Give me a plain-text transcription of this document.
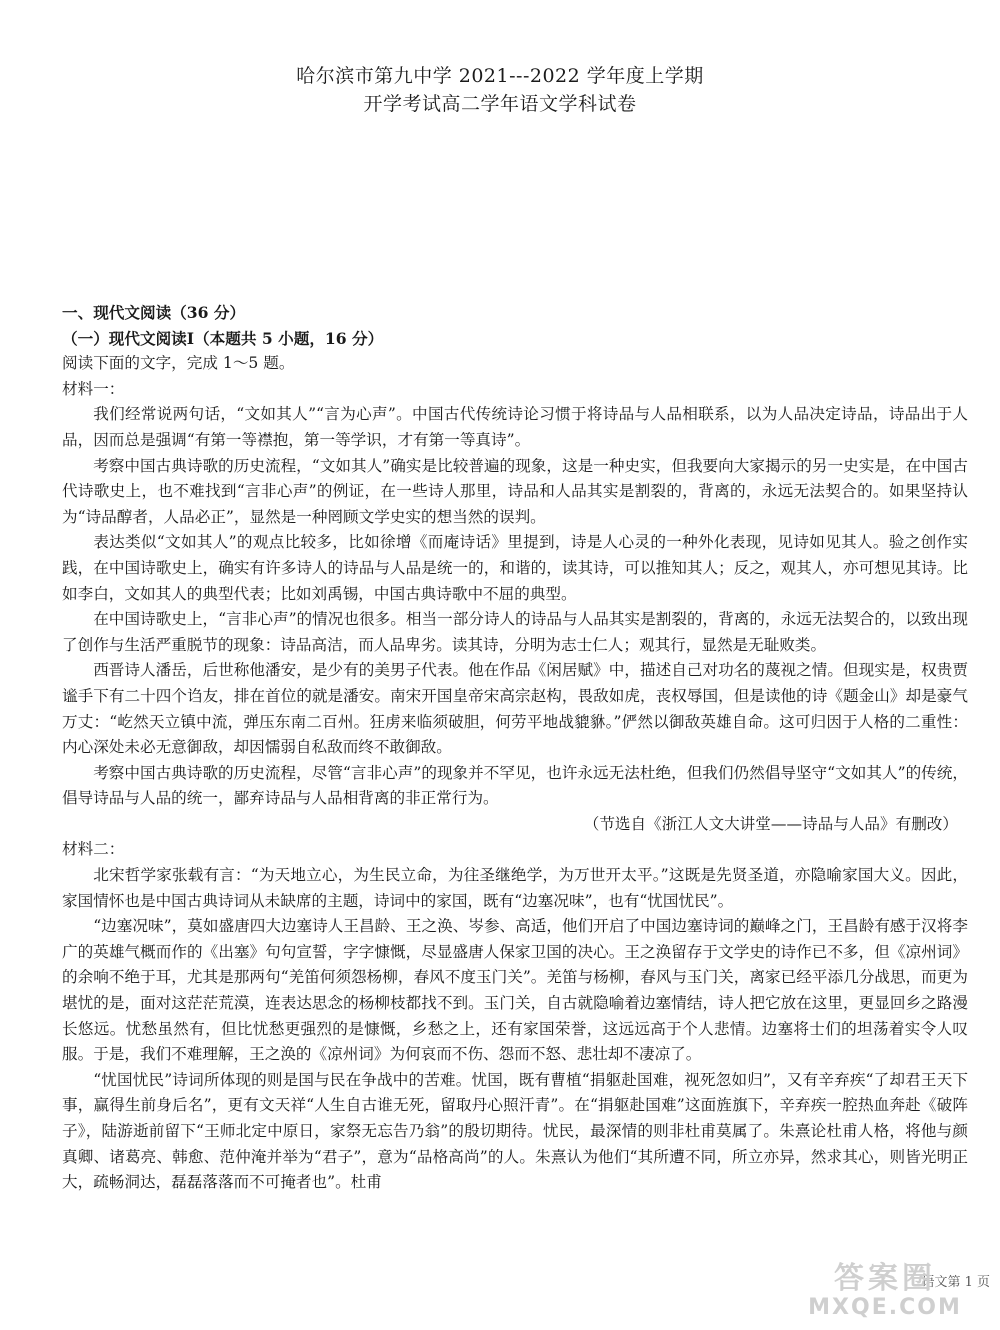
哈尔滨市第九中学 2021---2022 学年度上学期
开学考试高二学年语文学科试卷
一、现代文阅读（36 分）
（一）现代文阅读Ⅰ（本题共 5 小题，16 分）
阅读下面的文字，完成 1～5 题。
材料一：
我们经常说两句话，“文如其人”“言为心声”。中国古代传统诗论习惯于将诗品与人品相联系，以为人品决定诗品，诗品出于人品，因而总是强调“有第一等襟抱，第一等学识，才有第一等真诗”。
考察中国古典诗歌的历史流程，“文如其人”确实是比较普遍的现象，这是一种史实，但我要向大家揭示的另一史实是，在中国古代诗歌史上，也不难找到“言非心声”的例证，在一些诗人那里，诗品和人品其实是割裂的，背离的，永远无法契合的。如果坚持认为“诗品醇者，人品必正”，显然是一种罔顾文学史实的想当然的误判。
表达类似“文如其人”的观点比较多，比如徐增《而庵诗话》里提到，诗是人心灵的一种外化表现，见诗如见其人。验之创作实践，在中国诗歌史上，确实有许多诗人的诗品与人品是统一的，和谐的，读其诗，可以推知其人；反之，观其人，亦可想见其诗。比如李白，文如其人的典型代表；比如刘禹锡，中国古典诗歌中不屈的典型。
在中国诗歌史上，“言非心声”的情况也很多。相当一部分诗人的诗品与人品其实是割裂的，背离的，永远无法契合的，以致出现了创作与生活严重脱节的现象：诗品高洁，而人品卑劣。读其诗，分明为志士仁人；观其行，显然是无耻败类。
西晋诗人潘岳，后世称他潘安，是少有的美男子代表。他在作品《闲居赋》中，描述自己对功名的蔑视之情。但现实是，权贵贾谧手下有二十四个诌友，排在首位的就是潘安。南宋开国皇帝宋高宗赵构，畏敌如虎，丧权辱国，但是读他的诗《题金山》却是豪气万丈：“屹然天立镇中流，弹压东南二百州。狂虏来临须破胆，何劳平地战貔貅。”俨然以御敌英雄自命。这可归因于人格的二重性：内心深处未必无意御敌，却因懦弱自私敌而终不敢御敌。
考察中国古典诗歌的历史流程，尽管“言非心声”的现象并不罕见，也许永远无法杜绝，但我们仍然倡导坚守“文如其人”的传统，倡导诗品与人品的统一，鄙弃诗品与人品相背离的非正常行为。
（节选自《浙江人文大讲堂——诗品与人品》有删改）
材料二：
北宋哲学家张载有言：“为天地立心，为生民立命，为往圣继绝学，为万世开太平。”这既是先贤圣道，亦隐喻家国大义。因此，家国情怀也是中国古典诗词从未缺席的主题，诗词中的家国，既有“边塞况味”，也有“忧国忧民”。
“边塞况味”，莫如盛唐四大边塞诗人王昌龄、王之涣、岑参、高适，他们开启了中国边塞诗词的巅峰之门，王昌龄有感于汉将李广的英雄气概而作的《出塞》句句宣誓，字字慷慨，尽显盛唐人保家卫国的决心。王之涣留存于文学史的诗作已不多，但《凉州词》的余响不绝于耳，尤其是那两句“羌笛何须怨杨柳，春风不度玉门关”。羌笛与杨柳，春风与玉门关，离家已经平添几分战思，而更为堪忧的是，面对这茫茫荒漠，连表达思念的杨柳枝都找不到。玉门关，自古就隐喻着边塞情结，诗人把它放在这里，更显回乡之路漫长悠远。忧愁虽然有，但比忧愁更强烈的是慷慨，乡愁之上，还有家国荣誉，这远远高于个人悲情。边塞将士们的坦荡着实令人叹服。于是，我们不难理解，王之涣的《凉州词》为何哀而不伤、怨而不怒、悲壮却不凄凉了。
“忧国忧民”诗词所体现的则是国与民在争战中的苦难。忧国，既有曹植“捐躯赴国难，视死忽如归”，又有辛弃疾“了却君王天下事，赢得生前身后名”，更有文天祥“人生自古谁无死，留取丹心照汗青”。在“捐躯赴国难”这面旌旗下，辛弃疾一腔热血奔赴《破阵子》，陆游逝前留下“王师北定中原日，家祭无忘告乃翁”的殷切期待。忧民，最深情的则非杜甫莫属了。朱熹论杜甫人格，将他与颜真卿、诸葛亮、韩愈、范仲淹并举为“君子”，意为“品格高尚”的人。朱熹认为他们“其所遭不同，所立亦异，然求其心，则皆光明正大，疏畅洞达，磊磊落落而不可掩者也”。杜甫
语文第 1 页
答案圈
MXQE.COM
